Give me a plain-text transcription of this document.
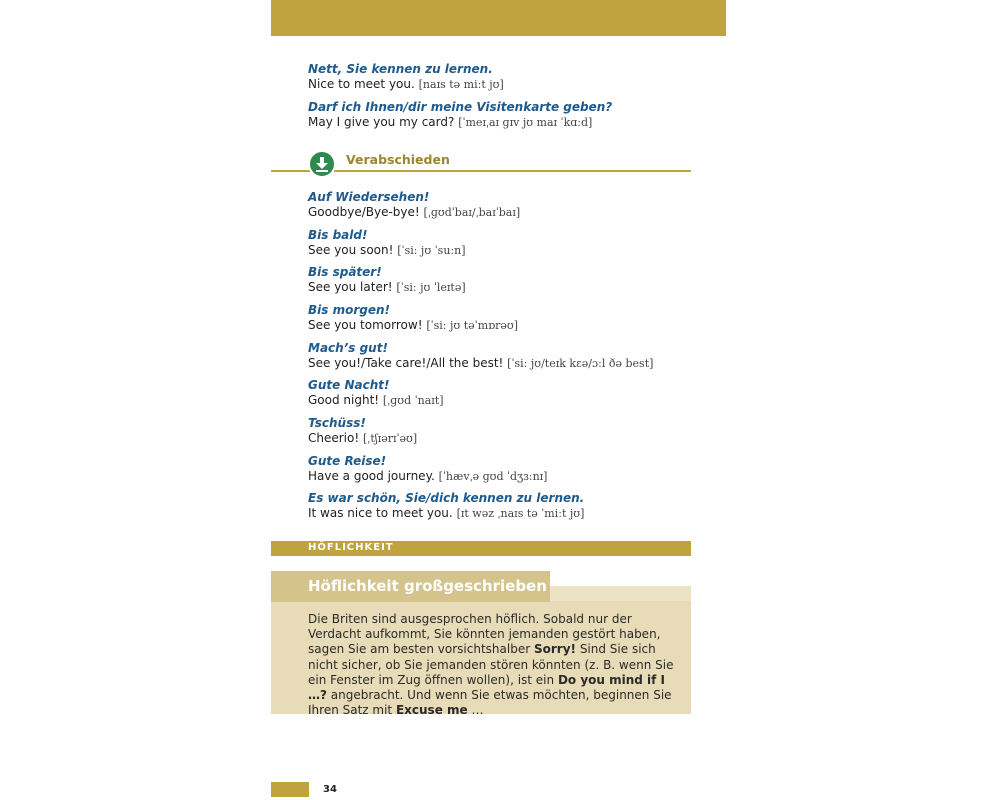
Nett, Sie kennen zu lernen.
Nice to meet you. [naɪs tə miːt jʊ]
Darf ich Ihnen/dir meine Visitenkarte geben?
May I give you my card? [ˈmeɪˌaɪ ɡɪv jʊ maɪ ˈkɑːd]
Verabschieden
Auf Wiedersehen!
Goodbye/Bye-bye! [ˌɡʊdˈbaɪ/ˌbaɪˈbaɪ]
Bis bald!
See you soon! [ˈsiː jʊ ˈsuːn]
Bis später!
See you later! [ˈsiː jʊ ˈleɪtə]
Bis morgen!
See you tomorrow! [ˈsiː jʊ təˈmɒrəʊ]
Mach’s gut!
See you!/Take care!/All the best! [ˈsiː jʊ/teɪk kɛə/ɔːl ðə best]
Gute Nacht!
Good night! [ˌɡʊd ˈnaɪt]
Tschüss!
Cheerio! [ˌtʃɪərɪˈəʊ]
Gute Reise!
Have a good journey. [ˈhævˌə ɡʊd ˈdʒɜːnɪ]
Es war schön, Sie/dich kennen zu lernen.
It was nice to meet you. [ɪt wəz ˌnaɪs tə ˈmiːt jʊ]
HÖFLICHKEIT
Höflichkeit großgeschrieben
Die Briten sind ausgesprochen höflich. Sobald nur der Verdacht aufkommt, Sie könnten jemanden gestört haben, sagen Sie am besten vorsichtshalber Sorry! Sind Sie sich nicht sicher, ob Sie jemanden stören könnten (z. B. wenn Sie ein Fenster im Zug öffnen wollen), ist ein Do you mind if I …? angebracht. Und wenn Sie etwas möchten, beginnen Sie Ihren Satz mit Excuse me …
34
